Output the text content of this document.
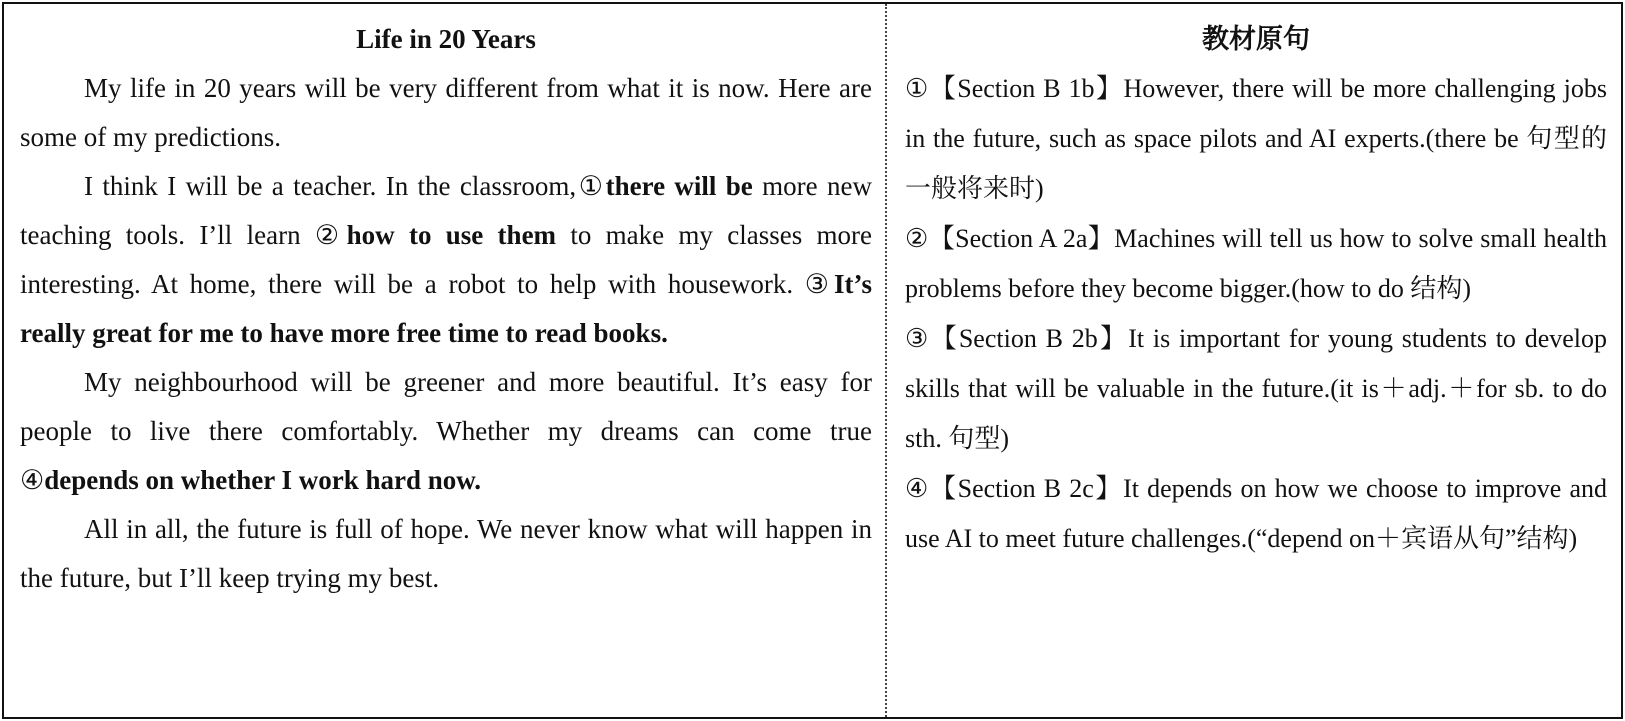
Life in 20 Years

My life in 20 years will be very different from what it is now. Here are some of my predictions.

I think I will be a teacher. In the classroom,①there will be more new teaching tools. I’ll learn ②how to use them to make my classes more interesting. At home, there will be a robot to help with housework. ③It’s really great for me to have more free time to read books.

My neighbourhood will be greener and more beautiful. It’s easy for people to live there comfortably. Whether my dreams can come true ④depends on whether I work hard now.

All in all, the future is full of hope. We never know what will happen in the future, but I’ll keep trying my best.

教材原句

①【Section B 1b】However, there will be more challenging jobs in the future, such as space pilots and AI experts.(there be 句型的一般将来时)

②【Section A 2a】Machines will tell us how to solve small health problems before they become bigger.(how to do 结构)

③【Section B 2b】It is important for young students to develop skills that will be valuable in the future.(it is＋adj.＋for sb. to do sth. 句型)

④【Section B 2c】It depends on how we choose to improve and use AI to meet future challenges.(“depend on＋宾语从句”结构)
